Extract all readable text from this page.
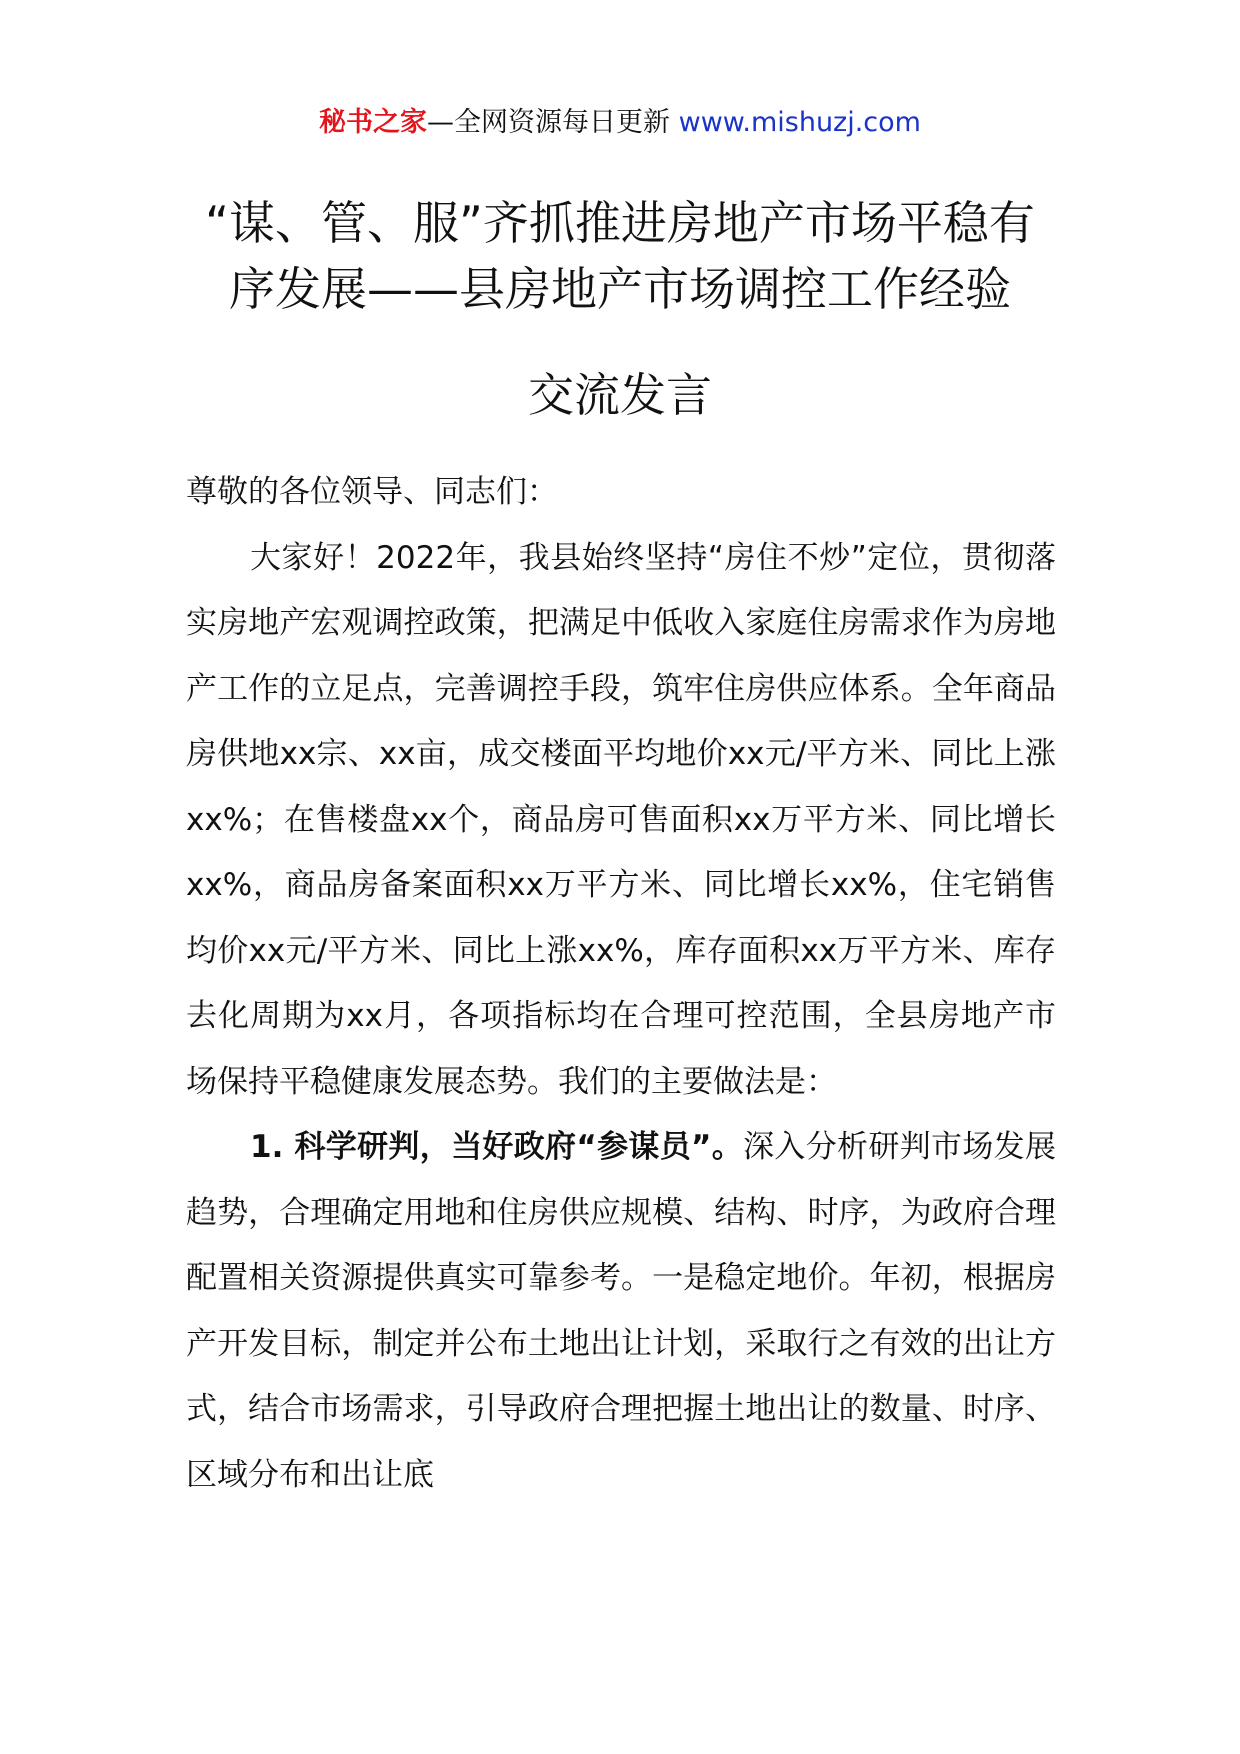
秘书之家—全网资源每日更新 www.mishuzj.com
“谋、管、服”齐抓推进房地产市场平稳有
序发展——县房地产市场调控工作经验
交流发言

尊敬的各位领导、同志们：

大家好！2022年，我县始终坚持“房住不炒”定位，贯彻落实房地产宏观调控政策，把满足中低收入家庭住房需求作为房地产工作的立足点，完善调控手段，筑牢住房供应体系。全年商品房供地xx宗、xx亩，成交楼面平均地价xx元/平方米、同比上涨xx%；在售楼盘xx个，商品房可售面积xx万平方米、同比增长xx%，商品房备案面积xx万平方米、同比增长xx%，住宅销售均价xx元/平方米、同比上涨xx%，库存面积xx万平方米、库存去化周期为xx月，各项指标均在合理可控范围，全县房地产市场保持平稳健康发展态势。我们的主要做法是：

1. 科学研判，当好政府“参谋员”。深入分析研判市场发展趋势，合理确定用地和住房供应规模、结构、时序，为政府合理配置相关资源提供真实可靠参考。一是稳定地价。年初，根据房产开发目标，制定并公布土地出让计划，采取行之有效的出让方式，结合市场需求，引导政府合理把握土地出让的数量、时序、区域分布和出让底
